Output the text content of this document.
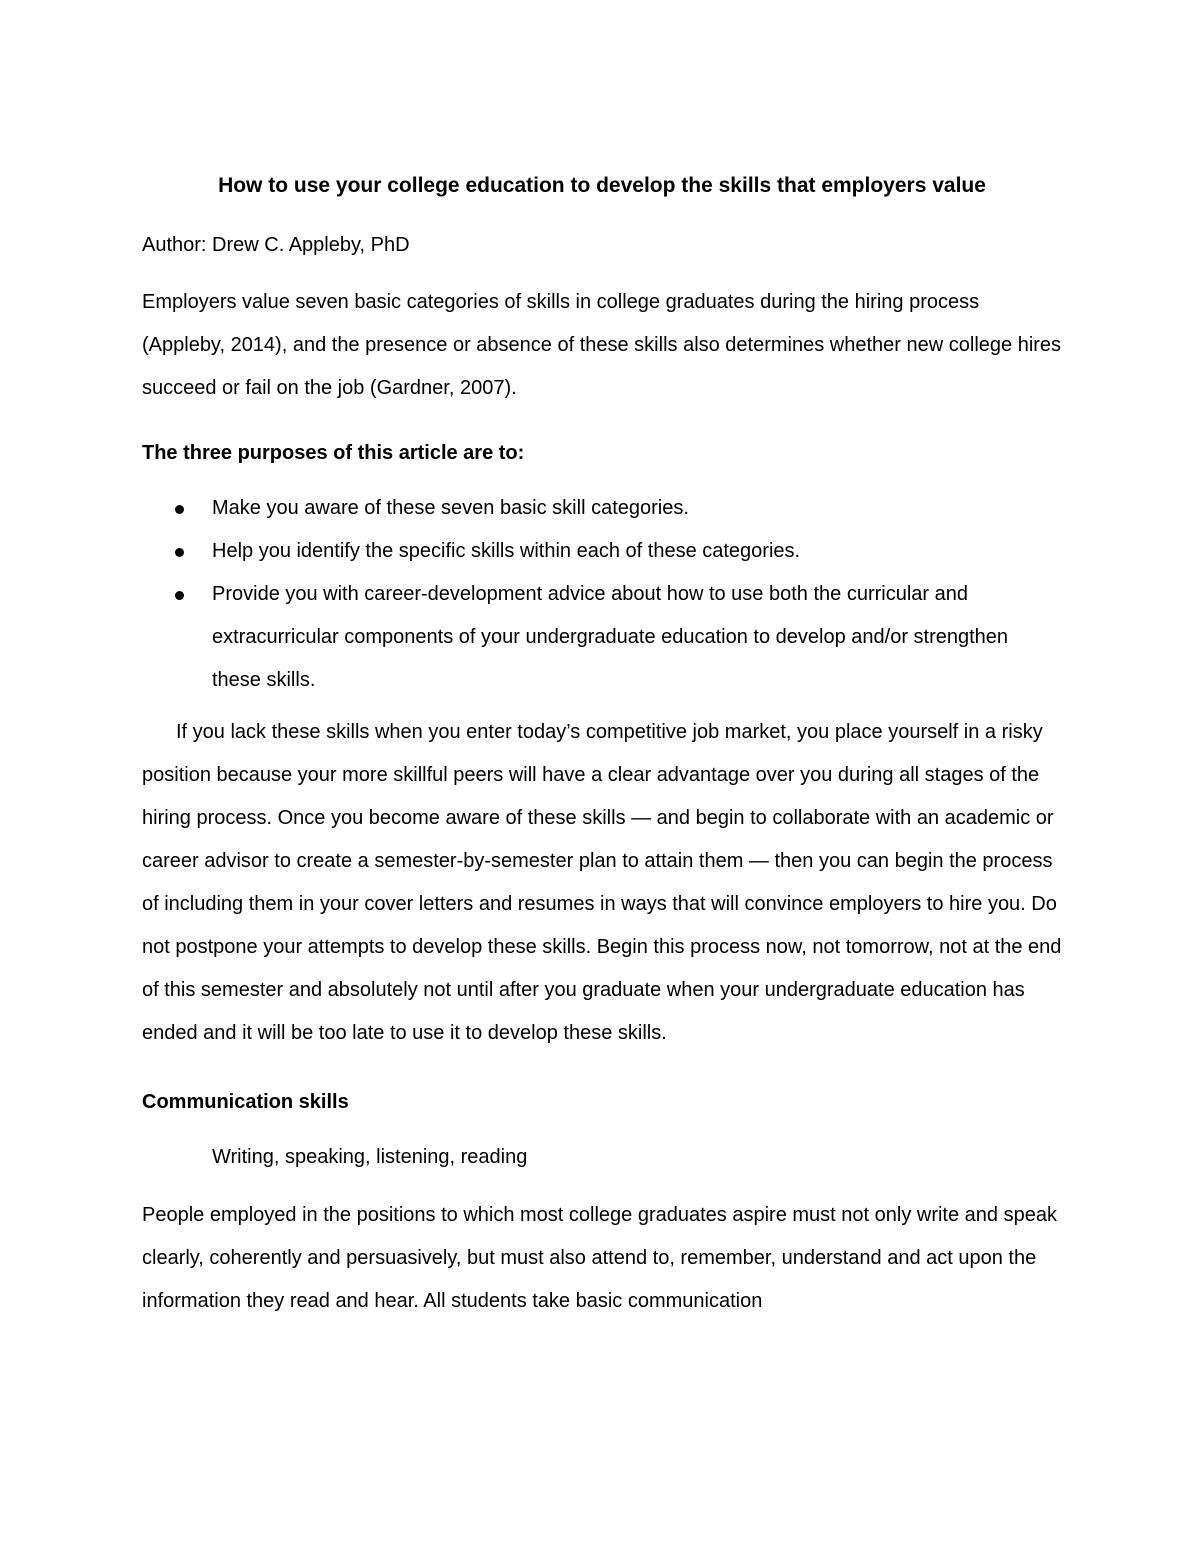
How to use your college education to develop the skills that employers value

Author: Drew C. Appleby, PhD

Employers value seven basic categories of skills in college graduates during the hiring process (Appleby, 2014), and the presence or absence of these skills also determines whether new college hires succeed or fail on the job (Gardner, 2007).

The three purposes of this article are to:

Make you aware of these seven basic skill categories.
Help you identify the specific skills within each of these categories.
Provide you with career-development advice about how to use both the curricular and extracurricular components of your undergraduate education to develop and/or strengthen these skills.

If you lack these skills when you enter today’s competitive job market, you place yourself in a risky position because your more skillful peers will have a clear advantage over you during all stages of the hiring process. Once you become aware of these skills — and begin to collaborate with an academic or career advisor to create a semester-by-semester plan to attain them — then you can begin the process of including them in your cover letters and resumes in ways that will convince employers to hire you. Do not postpone your attempts to develop these skills. Begin this process now, not tomorrow, not at the end of this semester and absolutely not until after you graduate when your undergraduate education has ended and it will be too late to use it to develop these skills.

Communication skills

Writing, speaking, listening, reading

People employed in the positions to which most college graduates aspire must not only write and speak clearly, coherently and persuasively, but must also attend to, remember, understand and act upon the information they read and hear. All students take basic communication
